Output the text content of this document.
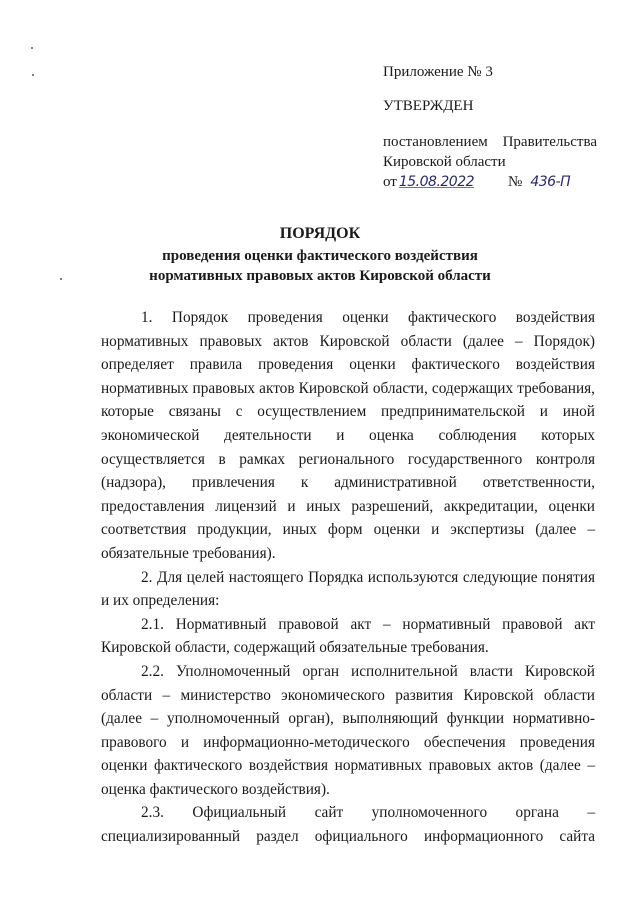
Приложение № 3
УТВЕРЖДЕН
постановлением Правительства
Кировской области
от 15.08.2022 № 436-П
ПОРЯДОК
проведения оценки фактического воздействия
нормативных правовых актов Кировской области

1. Порядок проведения оценки фактического воздействия нормативных правовых актов Кировской области (далее – Порядок) определяет правила проведения оценки фактического воздействия нормативных правовых актов Кировской области, содержащих требования, которые связаны с осуществлением предпринимательской и иной экономической деятельности и оценка соблюдения которых осуществляется в рамках регионального государственного контроля (надзора), привлечения к административной ответственности, предоставления лицензий и иных разрешений, аккредитации, оценки соответствия продукции, иных форм оценки и экспертизы (далее – обязательные требования).

2. Для целей настоящего Порядка используются следующие понятия и их определения:

2.1. Нормативный правовой акт – нормативный правовой акт Кировской области, содержащий обязательные требования.

2.2. Уполномоченный орган исполнительной власти Кировской области – министерство экономического развития Кировской области (далее – уполномоченный орган), выполняющий функции нормативно-правового и информационно-методического обеспечения проведения оценки фактического воздействия нормативных правовых актов (далее – оценка фактического воздействия).

2.3. Официальный сайт уполномоченного органа – специализированный раздел официального информационного сайта
